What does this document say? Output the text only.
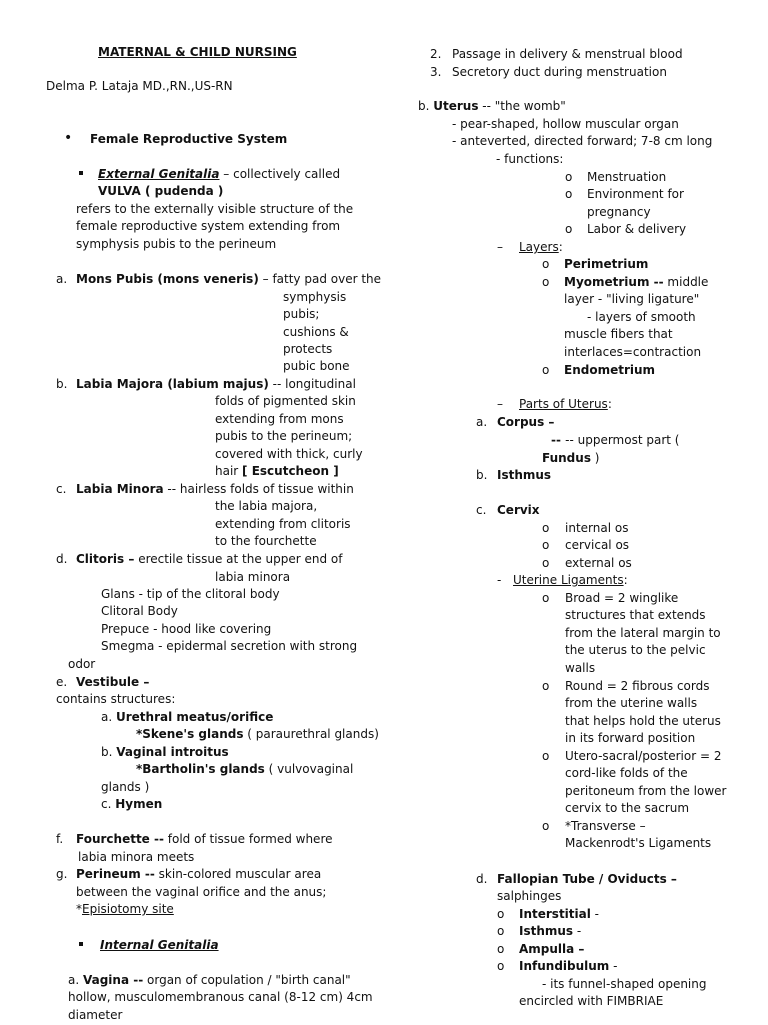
MATERNAL & CHILD NURSING
Delma P. Lataja MD.,RN.,US-RN
• Female Reproductive System
External Genitalia – collectively called
VULVA ( pudenda )
refers to the externally visible structure of the
female reproductive system extending from
symphysis pubis to the perineum
a. Mons Pubis (mons veneris) – fatty pad over the
symphysis
pubis;
cushions &
protects
pubic bone
b. Labia Majora (labium majus) -- longitudinal
folds of pigmented skin
extending from mons
pubis to the perineum;
covered with thick, curly
hair [ Escutcheon ]
c. Labia Minora -- hairless folds of tissue within
the labia majora,
extending from clitoris
to the fourchette
d. Clitoris – erectile tissue at the upper end of
labia minora
Glans - tip of the clitoral body
Clitoral Body
Prepuce - hood like covering
Smegma - epidermal secretion with strong
odor
e. Vestibule –
contains structures:
a. Urethral meatus/orifice
*Skene's glands ( paraurethral glands)
b. Vaginal introitus
*Bartholin's glands ( vulvovaginal
glands )
c. Hymen
f. Fourchette -- fold of tissue formed where
labia minora meets
g. Perineum -- skin-colored muscular area
between the vaginal orifice and the anus;
*Episiotomy site
Internal Genitalia
a. Vagina -- organ of copulation / "birth canal"
hollow, musculomembranous canal (8-12 cm) 4cm
diameter
2. Passage in delivery & menstrual blood
3. Secretory duct during menstruation
b. Uterus -- "the womb"
- pear-shaped, hollow muscular organ
- anteverted, directed forward; 7-8 cm long
- functions:
o Menstruation
o Environment for
pregnancy
o Labor & delivery
– Layers:
o Perimetrium
o Myometrium -- middle
layer - "living ligature"
- layers of smooth
muscle fibers that
interlaces=contraction
o Endometrium
– Parts of Uterus:
a. Corpus –
-- -- uppermost part (
Fundus )
b. Isthmus
c. Cervix
o internal os
o cervical os
o external os
- Uterine Ligaments:
o Broad = 2 winglike
structures that extends
from the lateral margin to
the uterus to the pelvic
walls
o Round = 2 fibrous cords
from the uterine walls
that helps hold the uterus
in its forward position
o Utero-sacral/posterior = 2
cord-like folds of the
peritoneum from the lower
cervix to the sacrum
o *Transverse –
Mackenrodt's Ligaments
d. Fallopian Tube / Oviducts –
salphinges
o Interstitial -
o Isthmus -
o Ampulla –
o Infundibulum -
- its funnel-shaped opening
encircled with FIMBRIAE
